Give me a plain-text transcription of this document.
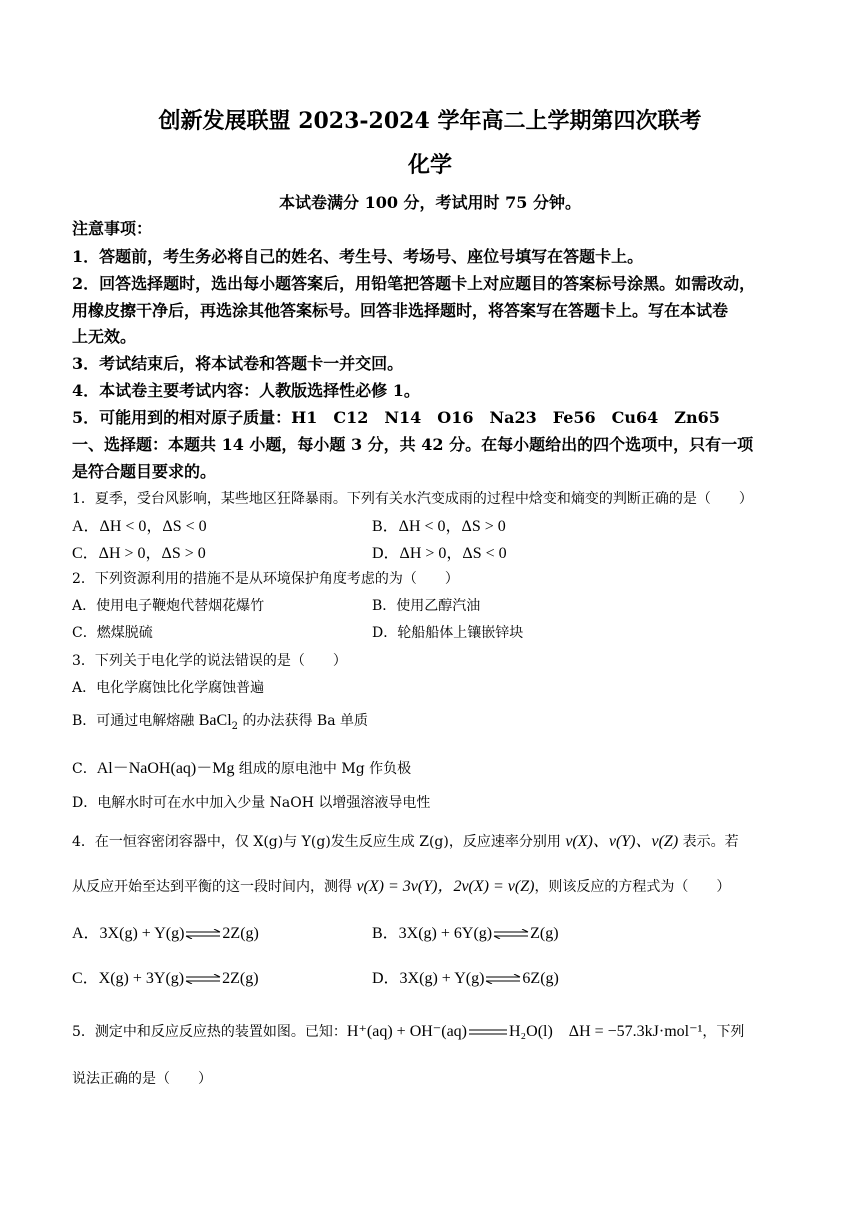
创新发展联盟 2023-2024 学年高二上学期第四次联考
化学
本试卷满分 100 分，考试用时 75 分钟。
注意事项：
1．答题前，考生务必将自己的姓名、考生号、考场号、座位号填写在答题卡上。
2．回答选择题时，选出每小题答案后，用铅笔把答题卡上对应题目的答案标号涂黑。如需改动，
用橡皮擦干净后，再选涂其他答案标号。回答非选择题时，将答案写在答题卡上。写在本试卷
上无效。
3．考试结束后，将本试卷和答题卡一并交回。
4．本试卷主要考试内容：人教版选择性必修 1。
5．可能用到的相对原子质量：H1　C12　N14　O16　Na23　Fe56　Cu64　Zn65
一、选择题：本题共 14 小题，每小题 3 分，共 42 分。在每小题给出的四个选项中，只有一项
是符合题目要求的。
1．夏季，受台风影响，某些地区狂降暴雨。下列有关水汽变成雨的过程中焓变和熵变的判断正确的是（　　）
A．ΔH < 0，ΔS < 0	B．ΔH < 0，ΔS > 0
C．ΔH > 0，ΔS > 0	D．ΔH > 0，ΔS < 0
2．下列资源利用的措施不是从环境保护角度考虑的为（　　）
A．使用电子鞭炮代替烟花爆竹	B．使用乙醇汽油
C．燃煤脱硫	D．轮船船体上镶嵌锌块
3．下列关于电化学的说法错误的是（　　）
A．电化学腐蚀比化学腐蚀普遍
B．可通过电解熔融 BaCl$_2$ 的办法获得 Ba 单质
C．Al－NaOH(aq)－Mg 组成的原电池中 Mg 作负极
D．电解水时可在水中加入少量 NaOH 以增强溶液导电性
4．在一恒容密闭容器中，仅 X(g)与 Y(g)发生反应生成 Z(g)，反应速率分别用 v(X)、v(Y)、v(Z) 表示。若
从反应开始至达到平衡的这一段时间内，测得 v(X) = 3v(Y)，2v(X) = v(Z)，则该反应的方程式为（　　）
A．3X(g) + Y(g)⇌2Z(g)	B．3X(g) + 6Y(g)⇌Z(g)
C．X(g) + 3Y(g)⇌2Z(g)	D．3X(g) + Y(g)⇌6Z(g)
5．测定中和反应反应热的装置如图。已知：H⁺(aq) + OH⁻(aq)	H₂O(l)　ΔH = −57.3kJ·mol⁻¹，下列
说法正确的是（　　）
